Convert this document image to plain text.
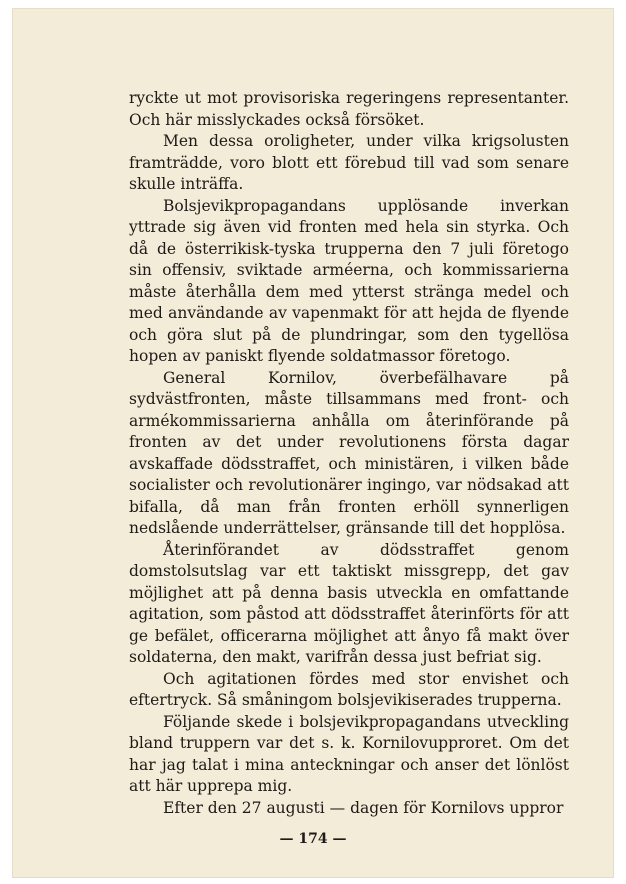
ryckte ut mot provisoriska regeringens representanter. Och här misslyckades också försöket.

Men dessa oroligheter, under vilka krigsolusten framträdde, voro blott ett förebud till vad som senare skulle inträffa.

Bolsjevikpropagandans upplösande inverkan yttrade sig även vid fronten med hela sin styrka. Och då de österrikisk-tyska trupperna den 7 juli företogo sin offensiv, sviktade arméerna, och kommissarierna måste återhålla dem med ytterst stränga medel och med användande av vapenmakt för att hejda de flyende och göra slut på de plundringar, som den tygellösa hopen av paniskt flyende soldatmassor företogo.

General Kornilov, överbefälhavare på sydvästfronten, måste tillsammans med front- och armékommissarierna anhålla om återinförande på fronten av det under revolutionens första dagar avskaffade dödsstraffet, och ministären, i vilken både socialister och revolutionärer ingingo, var nödsakad att bifalla, då man från fronten erhöll synnerligen nedslående underrättelser, gränsande till det hopplösa.

Återinförandet av dödsstraffet genom domstolsutslag var ett taktiskt missgrepp, det gav möjlighet att på denna basis utveckla en omfattande agitation, som påstod att dödsstraffet återinförts för att ge befälet, officerarna möjlighet att ånyo få makt över soldaterna, den makt, varifrån dessa just befriat sig.

Och agitationen fördes med stor envishet och eftertryck. Så småningom bolsjevikiserades trupperna.

Följande skede i bolsjevikpropagandans utveckling bland truppern var det s. k. Kornilovupproret. Om det har jag talat i mina anteckningar och anser det lönlöst att här upprepa mig.

Efter den 27 augusti — dagen för Kornilovs uppror

— 174 —
